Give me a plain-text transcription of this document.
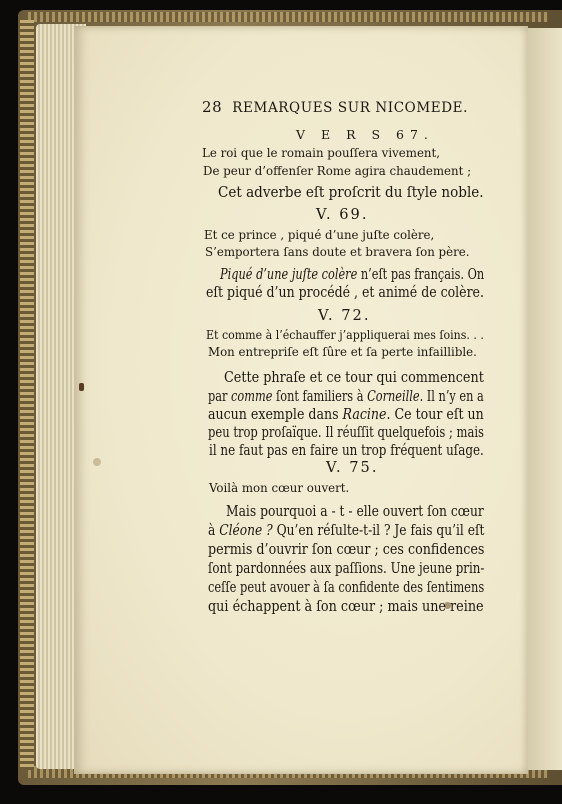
28 REMARQUES SUR NICOMEDE.
V E R S 67.
Le roi que le romain pouſſera vivement,
De peur d’offenſer Rome agira chaudement ;
Cet adverbe eſt proſcrit du ſtyle noble.
V. 69.
Et ce prince , piqué d’une juſte colère,
S’emportera ſans doute et bravera ſon père.
Piqué d’une juſte colère n’eſt pas français. On
eſt piqué d’un procédé , et animé de colère.
V. 72.
Et comme à l’échauffer j’appliquerai mes ſoins. . .
Mon entrepriſe eſt ſûre et ſa perte infaillible.
Cette phraſe et ce tour qui commencent
par comme ſont familiers à Corneille. Il n’y en a
aucun exemple dans Racine. Ce tour eſt un
peu trop proſaïque. Il réuſſit quelquefois ; mais
il ne faut pas en faire un trop fréquent uſage.
V. 75.
Voilà mon cœur ouvert.
Mais pourquoi a - t - elle ouvert ſon cœur
à Cléone ? Qu’en réſulte-t-il ? Je fais qu’il eſt
permis d’ouvrir ſon cœur ; ces confidences
ſont pardonnées aux paſſions. Une jeune prin-
ceſſe peut avouer à ſa confidente des ſentimens
qui échappent à ſon cœur ; mais une reine
